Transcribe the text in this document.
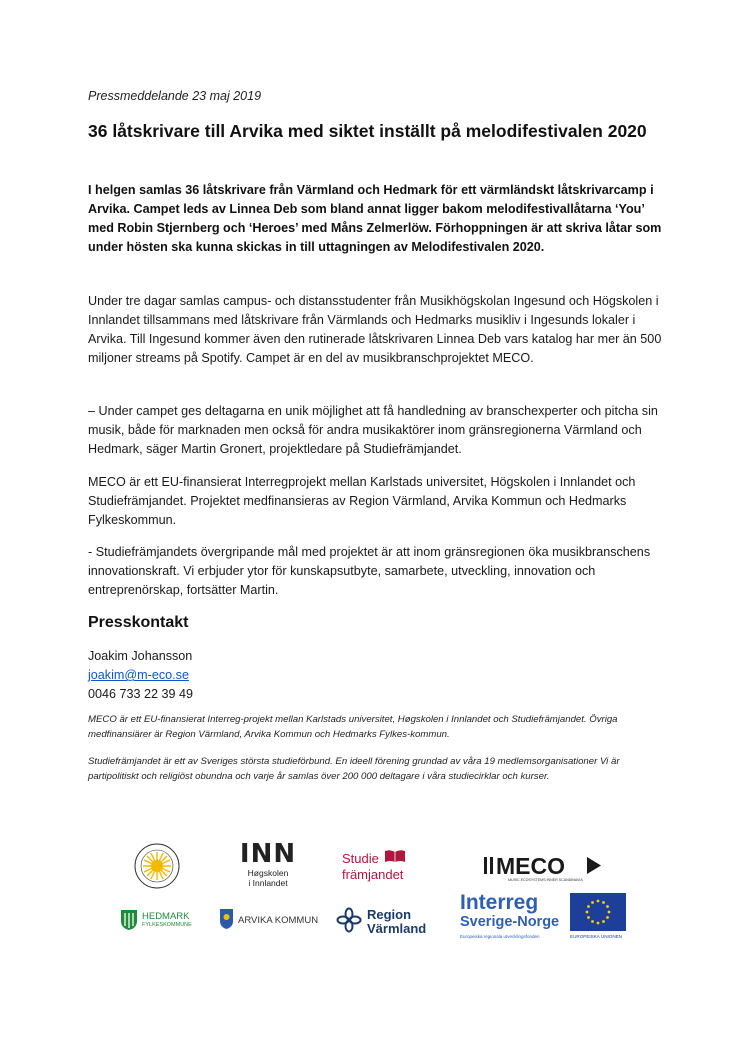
Pressmeddelande 23 maj 2019
36 låtskrivare till Arvika med siktet inställt på melodifestivalen 2020

I helgen samlas 36 låtskrivare från Värmland och Hedmark för ett värmländskt låtskrivarcamp i Arvika. Campet leds av Linnea Deb som bland annat ligger bakom melodifestivallåtarna ‘You’ med Robin Stjernberg och ‘Heroes’ med Måns Zelmerlöw. Förhoppningen är att skriva låtar som under hösten ska kunna skickas in till uttagningen av Melodifestivalen 2020.

Under tre dagar samlas campus- och distansstudenter från Musikhögskolan Ingesund och Högskolen i Innlandet tillsammans med låtskrivare från Värmlands och Hedmarks musikliv i Ingesunds lokaler i Arvika. Till Ingesund kommer även den rutinerade låtskrivaren Linnea Deb vars katalog har mer än 500 miljoner streams på Spotify. Campet är en del av musikbranschprojektet MECO.

– Under campet ges deltagarna en unik möjlighet att få handledning av branschexperter och pitcha sin musik, både för marknaden men också för andra musikaktörer inom gränsregionerna Värmland och Hedmark, säger Martin Gronert, projektledare på Studiefrämjandet.

MECO är ett EU-finansierat Interregprojekt mellan Karlstads universitet, Högskolen i Innlandet och Studiefrämjandet. Projektet medfinansieras av Region Värmland, Arvika Kommun och Hedmarks Fylkeskommun.

- Studiefrämjandets övergripande mål med projektet är att inom gränsregionen öka musikbranschens innovationskraft. Vi erbjuder ytor för kunskapsutbyte, samarbete, utveckling, innovation och entreprenörskap, fortsätter Martin.

Presskontakt
Joakim Johansson
joakim@m-eco.se
0046 733 22 39 49

MECO är ett EU-finansierat Interreg-projekt mellan Karlstads universitet, Høgskolen i Innlandet och Studiefrämjandet. Övriga medfinansiärer är Region Värmland, Arvika Kommun och Hedmarks Fylkes-kommun.

Studiefrämjandet är ett av Sveriges största studieförbund. En ideell förening grundad av våra 19 medlemsorganisationer Vi är partipolitiskt och religiöst obundna och varje år samlas över 200 000 deltagare i våra studiecirklar och kurser.

INN
Høgskolen
i Innlandet
Studie
främjandet	MECO
MUSIC ECOSYSTEMS INNER SCANDINAVIA
HEDMARK
FYLKESKOMMUNE	ARVIKA KOMMUN	Region
Värmland
Interreg
Sverige-Norge
Europeiska regionala utvecklingsfonden	EUROPEISKA UNIONEN
